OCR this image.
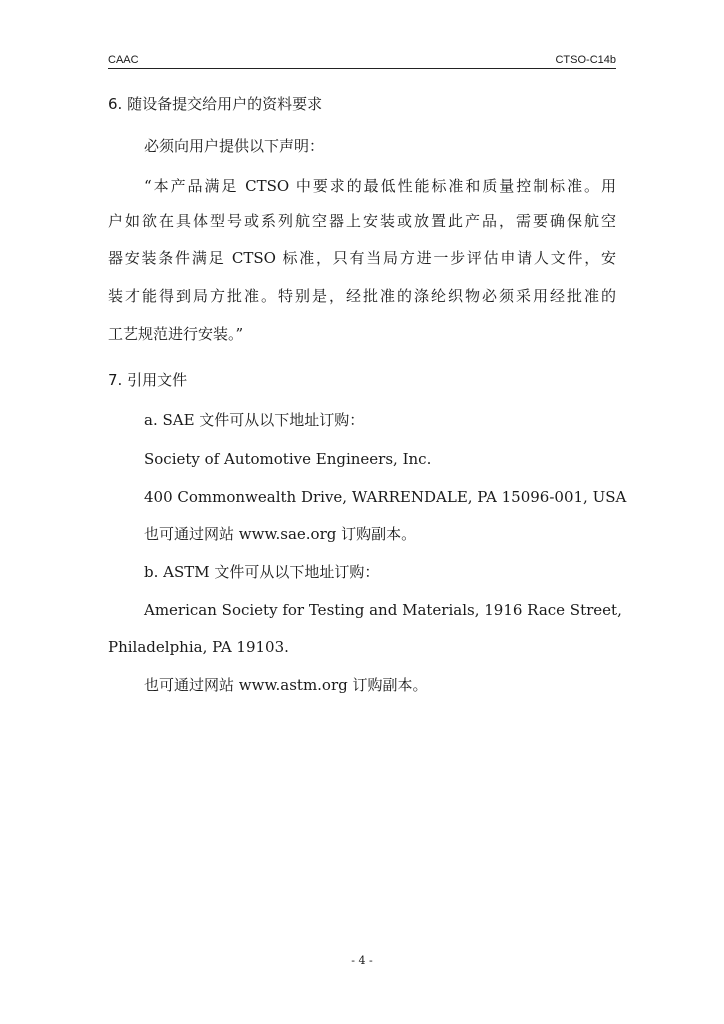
CAAC	CTSO-C14b
6. 随设备提交给用户的资料要求
必须向用户提供以下声明：
“本产品满足 CTSO 中要求的最低性能标准和质量控制标准。用
户如欲在具体型号或系列航空器上安装或放置此产品，需要确保航空
器安装条件满足 CTSO 标准，只有当局方进一步评估申请人文件，安
装才能得到局方批准。特别是，经批准的涤纶织物必须采用经批准的
工艺规范进行安装。”
7. 引用文件
a. SAE 文件可从以下地址订购：
Society of Automotive Engineers, Inc.
400 Commonwealth Drive, WARRENDALE, PA 15096-001, USA
也可通过网站 www.sae.org 订购副本。
b. ASTM 文件可从以下地址订购：
American Society for Testing and Materials, 1916 Race Street,
Philadelphia, PA 19103.
也可通过网站 www.astm.org 订购副本。
- 4 -
